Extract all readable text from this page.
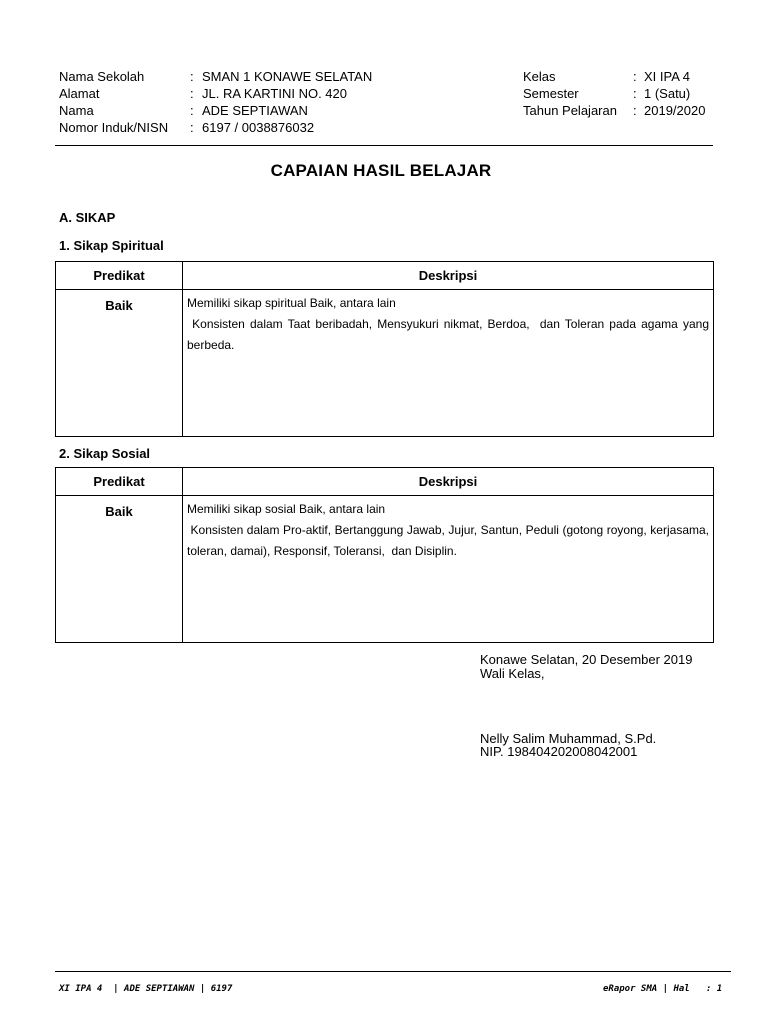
Nama Sekolah	: SMAN 1 KONAWE SELATAN
Alamat	: JL. RA KARTINI NO. 420
Nama	: ADE SEPTIAWAN
Nomor Induk/NISN	: 6197 / 0038876032
Kelas	: XI IPA 4
Semester	: 1 (Satu)
Tahun Pelajaran	: 2019/2020
CAPAIAN HASIL BELAJAR
A. SIKAP
1. Sikap Spiritual
Predikat	Deskripsi
Baik	Memiliki sikap spiritual Baik, antara lain
Konsisten dalam Taat beribadah, Mensyukuri nikmat, Berdoa,  dan Toleran pada agama yang berbeda.
2. Sikap Sosial
Predikat	Deskripsi
Baik	Memiliki sikap sosial Baik, antara lain
Konsisten dalam Pro-aktif, Bertanggung Jawab, Jujur, Santun, Peduli (gotong royong, kerjasama, toleran, damai), Responsif, Toleransi,  dan Disiplin.
Konawe Selatan, 20 Desember 2019
Wali Kelas,
Nelly Salim Muhammad, S.Pd.
NIP. 198404202008042001
XI IPA 4  | ADE SEPTIAWAN | 6197	eRapor SMA | Hal   : 1
